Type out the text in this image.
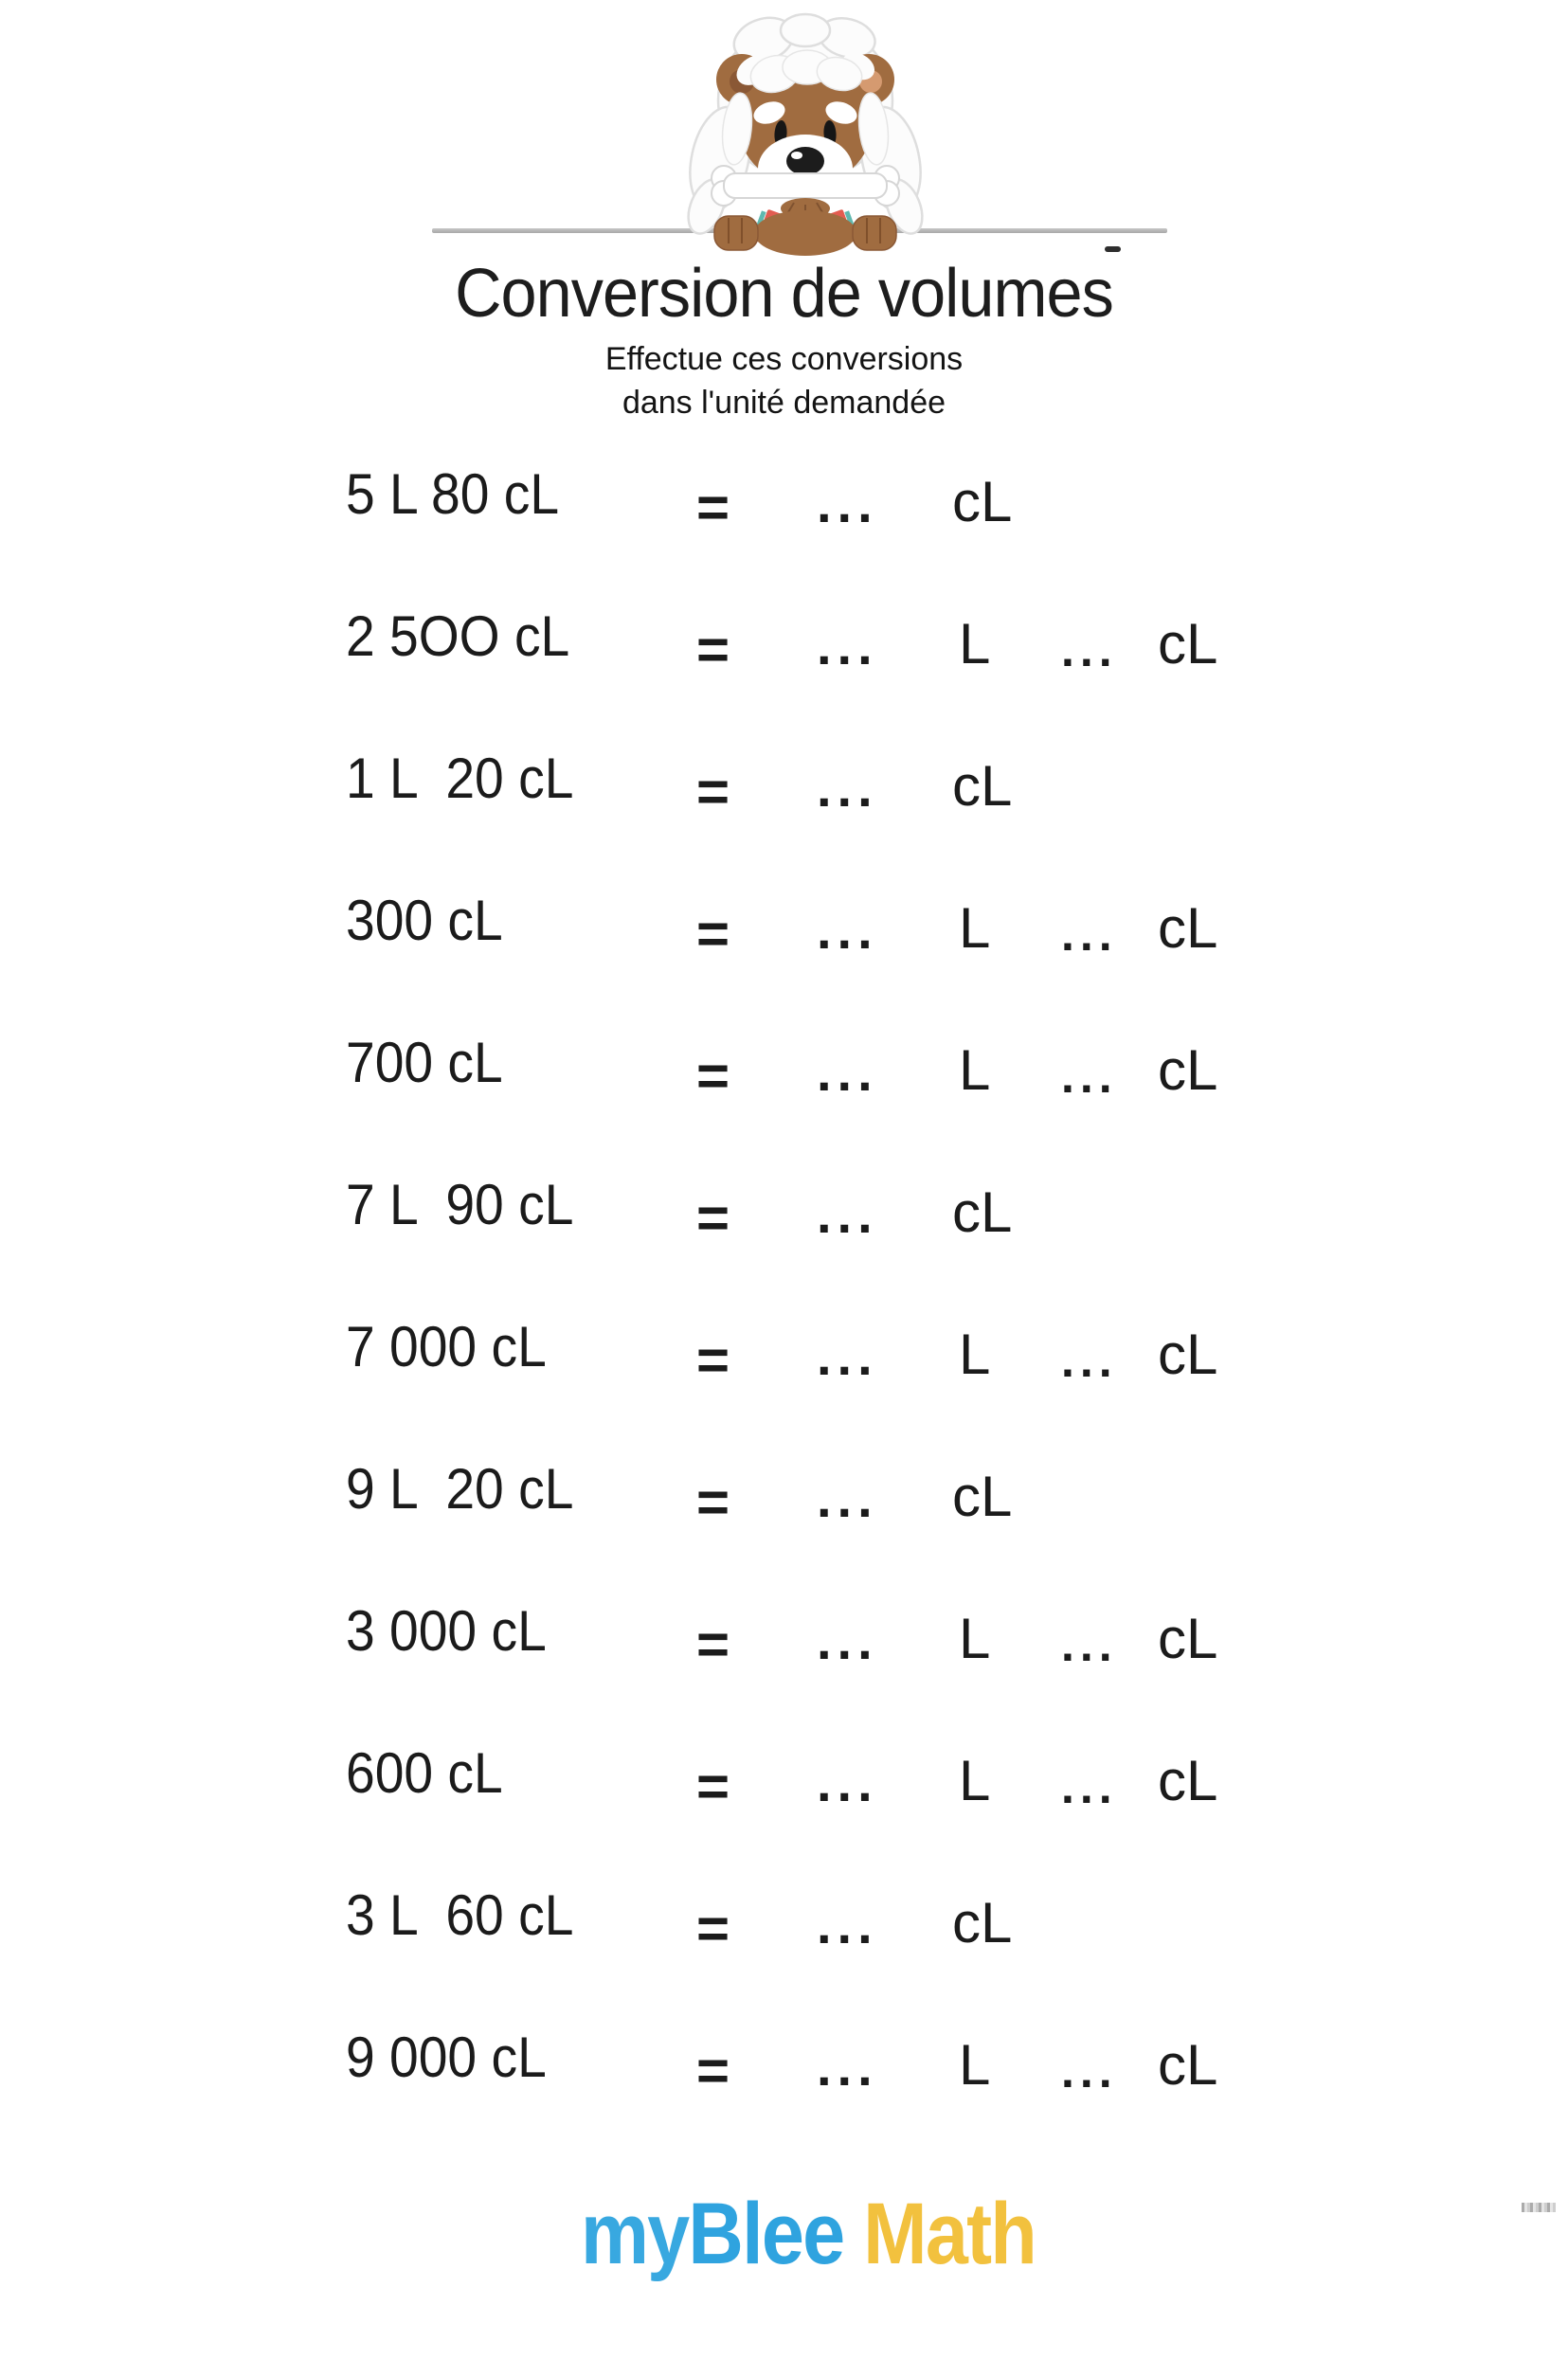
Conversion de volumes
Effectue ces conversions
dans l'unité demandée
5 L 80 cL = ... cL
2 5OO cL = ... L ... cL
1 L  20 cL = ... cL
300 cL	= ... L ... cL
700 cL	= ... L ... cL
7 L  90 cL = ... cL
7 000 cL	= ... L ... cL
9 L  20 cL = ... cL
3 000 cL	= ... L ... cL
600 cL	= ... L ... cL
3 L  60 cL = ... cL
9 000 cL	= ... L ... cL

myBlee Math
